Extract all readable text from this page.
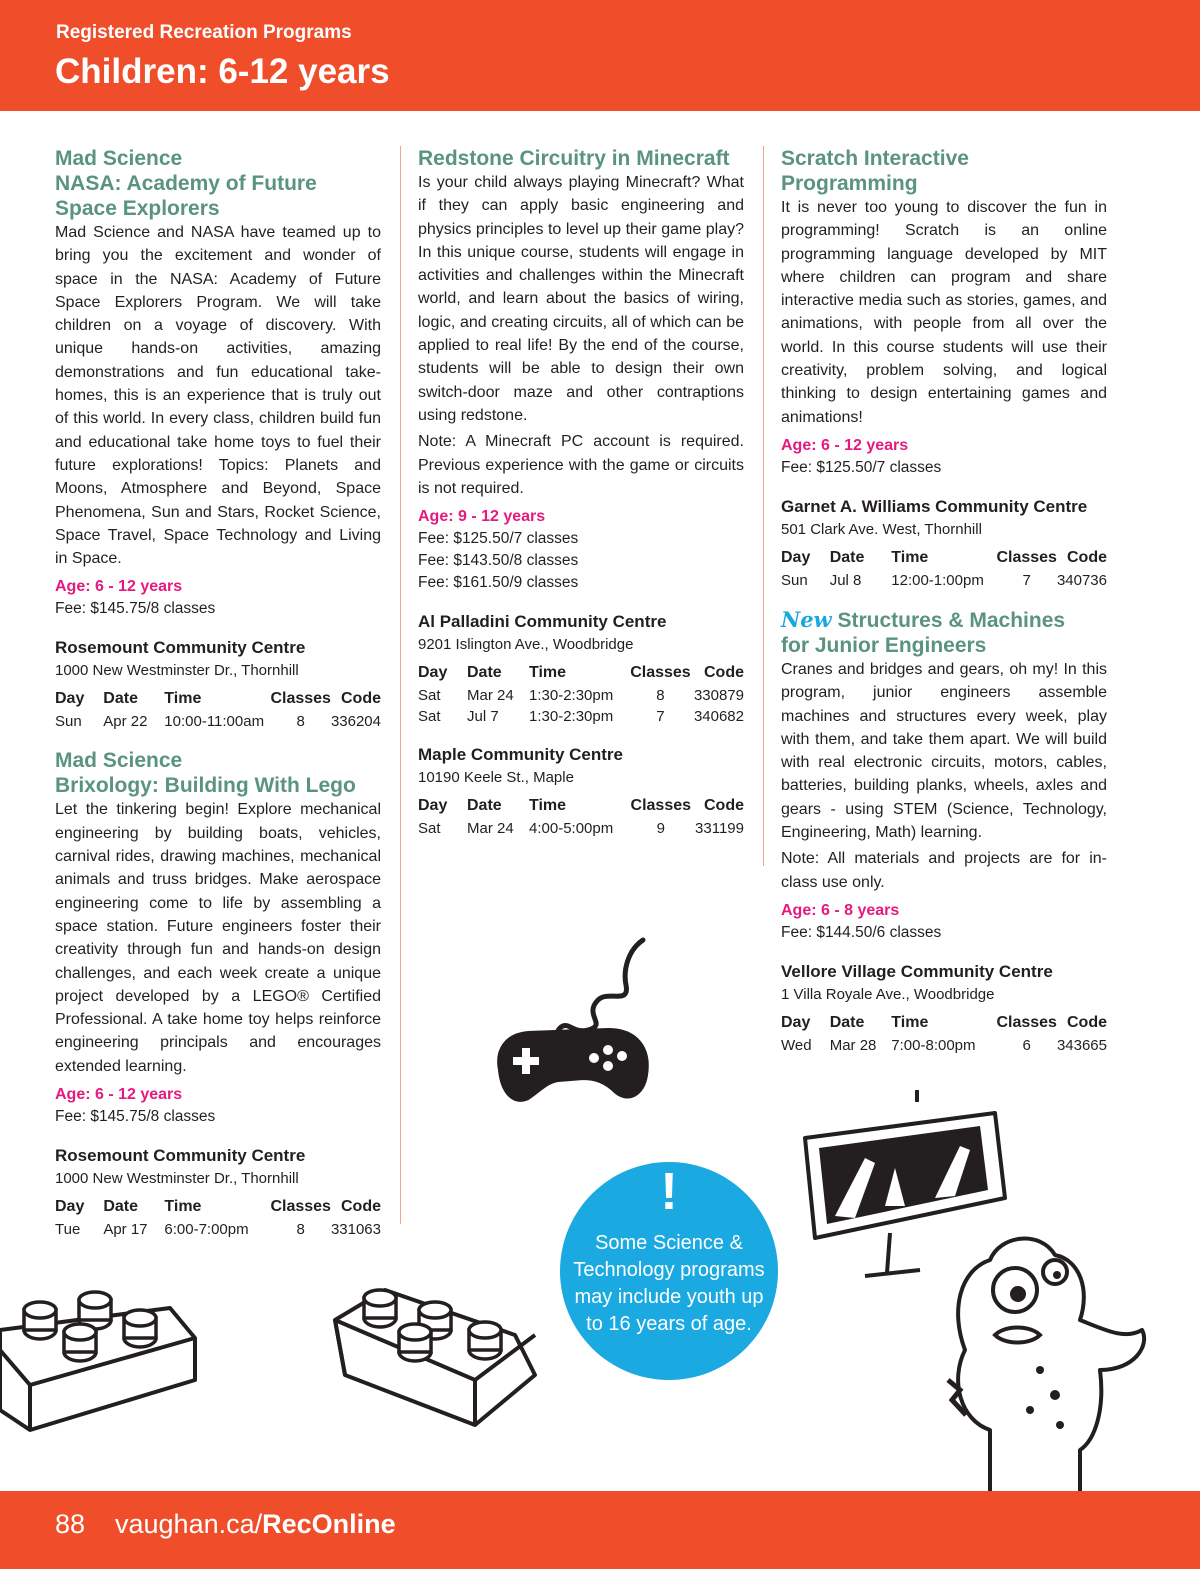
Registered Recreation Programs
Children: 6-12 years
Mad Science
NASA: Academy of Future
Space Explorers

Mad Science and NASA have teamed up to bring you the excitement and wonder of space in the NASA: Academy of Future Space Explorers Program. We will take children on a voyage of discovery. With unique hands-on activities, amazing demonstrations and fun educational take-homes, this is an experience that is truly out of this world. In every class, children build fun and educational take home toys to fuel their future explorations! Topics: Planets and Moons, Atmosphere and Beyond, Space Phenomena, Sun and Stars, Rocket Science, Space Travel, Space Technology and Living in Space.

Age: 6 - 12 years
Fee: $145.75/8 classes
Rosemount Community Centre
1000 New Westminster Dr., Thornhill
Day	Date	Time	Classes	Code
Sun	Apr 22	10:00-11:00am	8	336204
Mad Science
Brixology: Building With Lego

Let the tinkering begin! Explore mechanical engineering by building boats, vehicles, carnival rides, drawing machines, mechanical animals and truss bridges. Make aerospace engineering come to life by assembling a space station. Future engineers foster their creativity through fun and hands-on design challenges, and each week create a unique project developed by a LEGO® Certified Professional. A take home toy helps reinforce engineering principals and encourages extended learning.

Age: 6 - 12 years
Fee: $145.75/8 classes
Rosemount Community Centre
1000 New Westminster Dr., Thornhill
Day	Date	Time	Classes	Code
Tue	Apr 17	6:00-7:00pm	8	331063
Redstone Circuitry in Minecraft

Is your child always playing Minecraft? What if they can apply basic engineering and physics principles to level up their game play? In this unique course, students will engage in activities and challenges within the Minecraft world, and learn about the basics of wiring, logic, and creating circuits, all of which can be applied to real life! By the end of the course, students will be able to design their own switch-door maze and other contraptions using redstone.

Note: A Minecraft PC account is required. Previous experience with the game or circuits is not required.

Age: 9 - 12 years
Fee: $125.50/7 classes
Fee: $143.50/8 classes
Fee: $161.50/9 classes
Al Palladini Community Centre
9201 Islington Ave., Woodbridge
Day	Date	Time	Classes	Code
Sat	Mar 24	1:30-2:30pm	8	330879
Sat	Jul 7	1:30-2:30pm	7	340682
Maple Community Centre
10190 Keele St., Maple
Day	Date	Time	Classes	Code
Sat	Mar 24	4:00-5:00pm	9	331199
Scratch Interactive
Programming

It is never too young to discover the fun in programming! Scratch is an online programming language developed by MIT where children can program and share interactive media such as stories, games, and animations, with people from all over the world. In this course students will use their creativity, problem solving, and logical thinking to design entertaining games and animations!

Age: 6 - 12 years
Fee: $125.50/7 classes
Garnet A. Williams Community Centre
501 Clark Ave. West, Thornhill
Day	Date	Time	Classes	Code
Sun	Jul 8	12:00-1:00pm	7	340736
New Structures & Machines
for Junior Engineers

Cranes and bridges and gears, oh my! In this program, junior engineers assemble machines and structures every week, play with them, and take them apart. We will build with real electronic circuits, motors, cables, batteries, building planks, wheels, axles and gears - using STEM (Science, Technology, Engineering, Math) learning.

Note: All materials and projects are for in-class use only.

Age: 6 - 8 years
Fee: $144.50/6 classes
Vellore Village Community Centre
1 Villa Royale Ave., Woodbridge
Day	Date	Time	Classes	Code
Wed	Mar 28	7:00-8:00pm	6	343665
!
Some Science & Technology programs may include youth up to 16 years of age.
88 vaughan.ca/RecOnline
